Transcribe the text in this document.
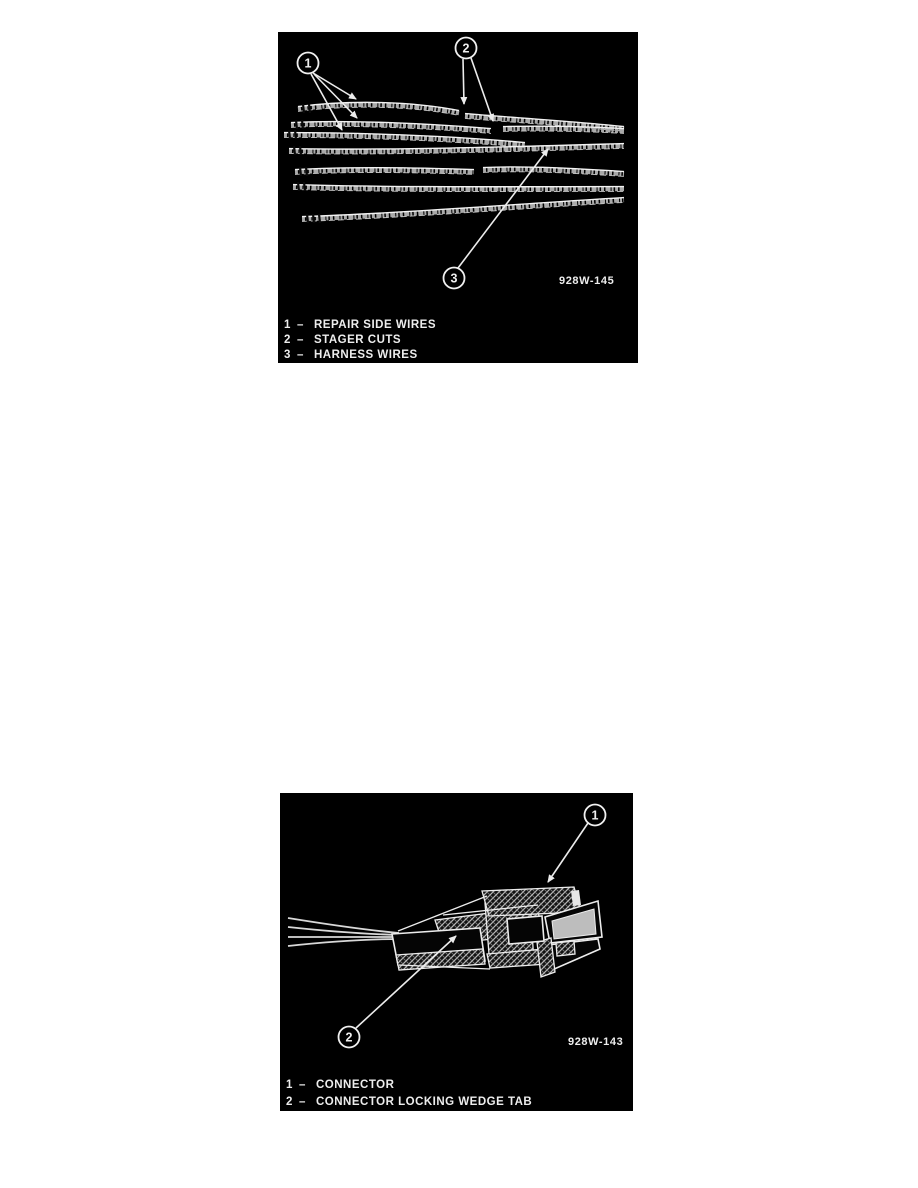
1
2
3	928W-145
1 – REPAIR SIDE WIRES
2 – STAGER CUTS
3 – HARNESS WIRES
1
2	928W-143
1 – CONNECTOR
2 – CONNECTOR LOCKING WEDGE TAB
